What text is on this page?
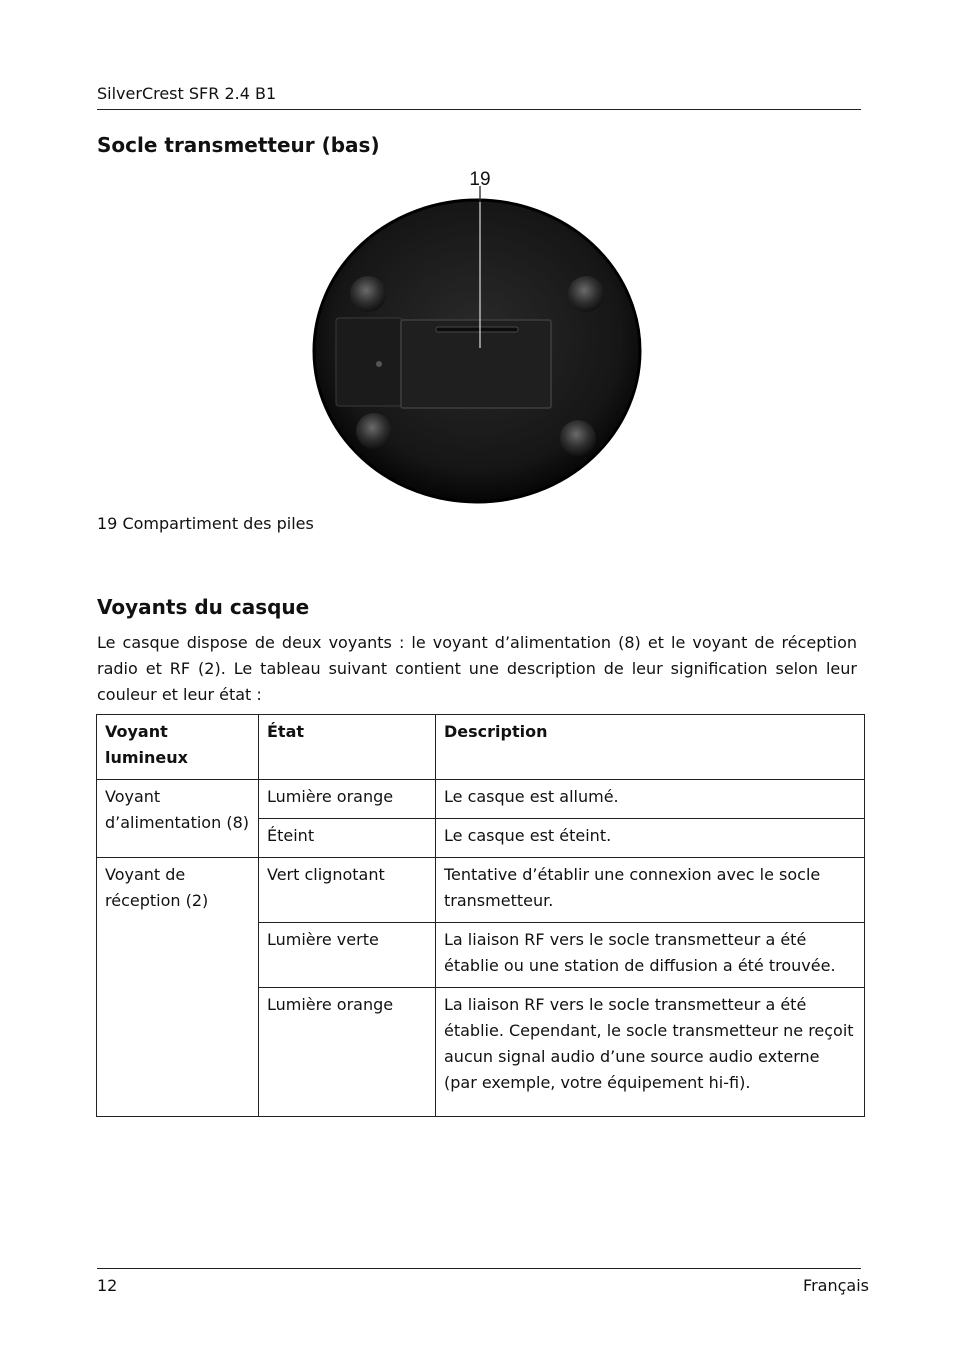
SilverCrest SFR 2.4 B1
Socle transmetteur (bas)
19
19 Compartiment des piles
Voyants du casque
Le casque dispose de deux voyants : le voyant d’alimentation (8) et le voyant de réception radio et RF (2). Le tableau suivant contient une description de leur signification selon leur couleur et leur état :
Voyant lumineux	État	Description
Voyant d’alimentation (8)	Lumière orange	Le casque est allumé.
	Éteint	Le casque est éteint.
Voyant de réception (2)	Vert clignotant	Tentative d’établir une connexion avec le socle transmetteur.
	Lumière verte	La liaison RF vers le socle transmetteur a été établie ou une station de diffusion a été trouvée.
	Lumière orange	La liaison RF vers le socle transmetteur a été établie. Cependant, le socle transmetteur ne reçoit aucun signal audio d’une source audio externe (par exemple, votre équipement hi-fi).
12	Français
